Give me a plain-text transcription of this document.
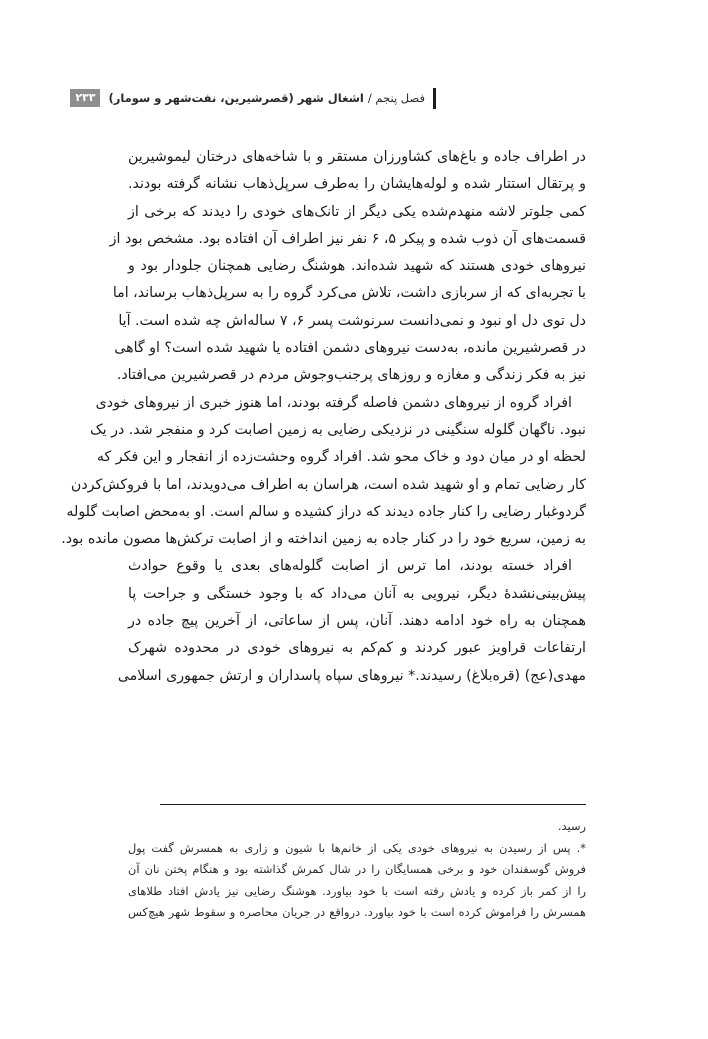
فصل پنجم / اشغال شهر (قصرشیرین، نفت‌شهر و سومار)
۲۳۳
در اطراف جاده و باغ‌های کشاورزان مستقر و با شاخه‌های درختان لیموشیرین
و پرتقال استتار شده و لوله‌هایشان را به‌طرف سرپل‌ذهاب نشانه گرفته بودند.
کمی جلوتر لاشه منهدم‌شده یکی دیگر از تانک‌های خودی را دیدند که برخی از
قسمت‌های آن ذوب شده و پیکر ۵، ۶ نفر نیز اطراف آن افتاده بود. مشخص بود از
نیروهای خودی هستند که شهید شده‌اند. هوشنگ رضایی همچنان جلودار بود و
با تجربه‌ای که از سربازی داشت، تلاش می‌کرد گروه را به سرپل‌ذهاب برساند، اما
دل توی دل او نبود و نمی‌دانست سرنوشت پسر ۶، ۷ ساله‌اش چه شده است. آیا
در قصرشیرین مانده، به‌دست نیروهای دشمن افتاده یا شهید شده است؟ او گاهی
نیز به فکر زندگی و مغازه و روزهای پرجنب‌وجوش مردم در قصرشیرین می‌افتاد.
افراد گروه از نیروهای دشمن فاصله گرفته بودند، اما هنوز خبری از نیروهای خودی
نبود. ناگهان گلوله سنگینی در نزدیکی رضایی به زمین اصابت کرد و منفجر شد. در یک
لحظه او در میان دود و خاک محو شد. افراد گروه وحشت‌زده از انفجار و این فکر که
کار رضایی تمام و او شهید شده است، هراسان به اطراف می‌دویدند، اما با فروکش‌کردن
گردوغبار رضایی را کنار جاده دیدند که دراز کشیده و سالم است. او به‌محض اصابت گلوله
به زمین، سریع خود را در کنار جاده به زمین انداخته و از اصابت ترکش‌ها مصون مانده بود.
افراد خسته بودند، اما ترس از اصابت گلوله‌های بعدی یا وقوع حوادث
پیش‌بینی‌نشدهٔ دیگر، نیرویی به آنان می‌داد که با وجود خستگی و جراحت پا
همچنان به راه خود ادامه دهند. آنان، پس از ساعاتی، از آخرین پیچ جاده در
ارتفاعات قراویز عبور کردند و کم‌کم به نیروهای خودی در محدوده شهرک
مهدی(عج) (قره‌بلاغ) رسیدند.* نیروهای سپاه پاسداران و ارتش جمهوری اسلامی
رسید.
*. پس از رسیدن به نیروهای خودی یکی از خانم‌ها با شیون و زاری به همسرش گفت پول
فروش گوسفندان خود و برخی همسایگان را در شال کمرش گذاشته بود و هنگام پختن نان آن
را از کمر باز کرده و یادش رفته است با خود بیاورد. هوشنگ رضایی نیز یادش افتاد طلاهای
همسرش را فراموش کرده است با خود بیاورد. درواقع در جریان محاصره و سقوط شهر هیچ‌کس
